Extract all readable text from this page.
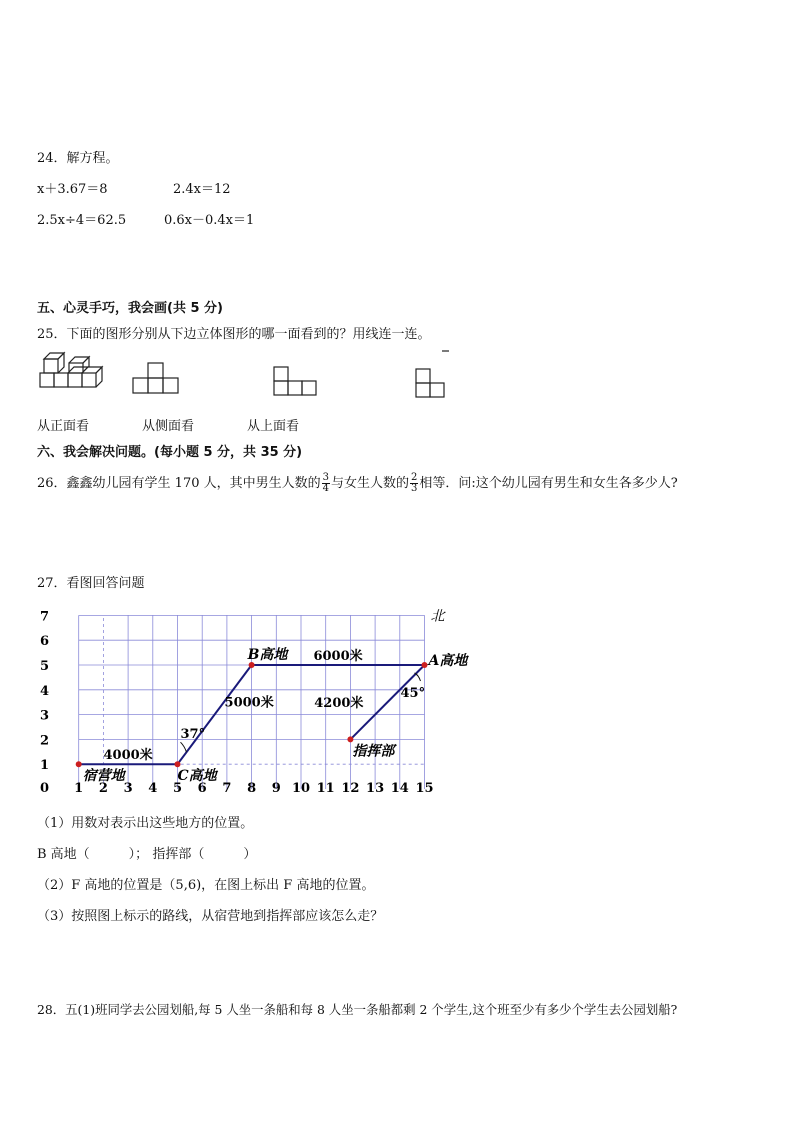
24．解方程。
x＋3.67＝8	2.4x＝12
2.5x÷4＝62.5	0.6x－0.4x＝1
五、心灵手巧，我会画(共 5 分)
25．下面的图形分别从下边立体图形的哪一面看到的？用线连一连。
从正面看	从侧面看	从上面看
六、我会解决问题。(每小题 5 分，共 35 分)
26．鑫鑫幼儿园有学生 170 人，其中男生人数的 $\frac{3}{4}$ 与女生人数的 $\frac{2}{3}$ 相等．问:这个幼儿园有男生和女生各多少人?
27．看图回答问题
1 2 3 4 5 6 7 8 9 10 11 12 13 14 15
1
2
3
4
5
6
7
0
北
4000米
5000米
6000米
4200米
宿营地	C高地
B高地	A高地
指挥部
37°
45°
（1）用数对表示出这些地方的位置。
B 高地（　　　）； 指挥部（　　　）
（2）F 高地的位置是（5,6)，在图上标出 F 高地的位置。
（3）按照图上标示的路线，从宿营地到指挥部应该怎么走？
28．五(1)班同学去公园划船,每 5 人坐一条船和每 8 人坐一条船都剩 2 个学生,这个班至少有多少个学生去公园划船?
